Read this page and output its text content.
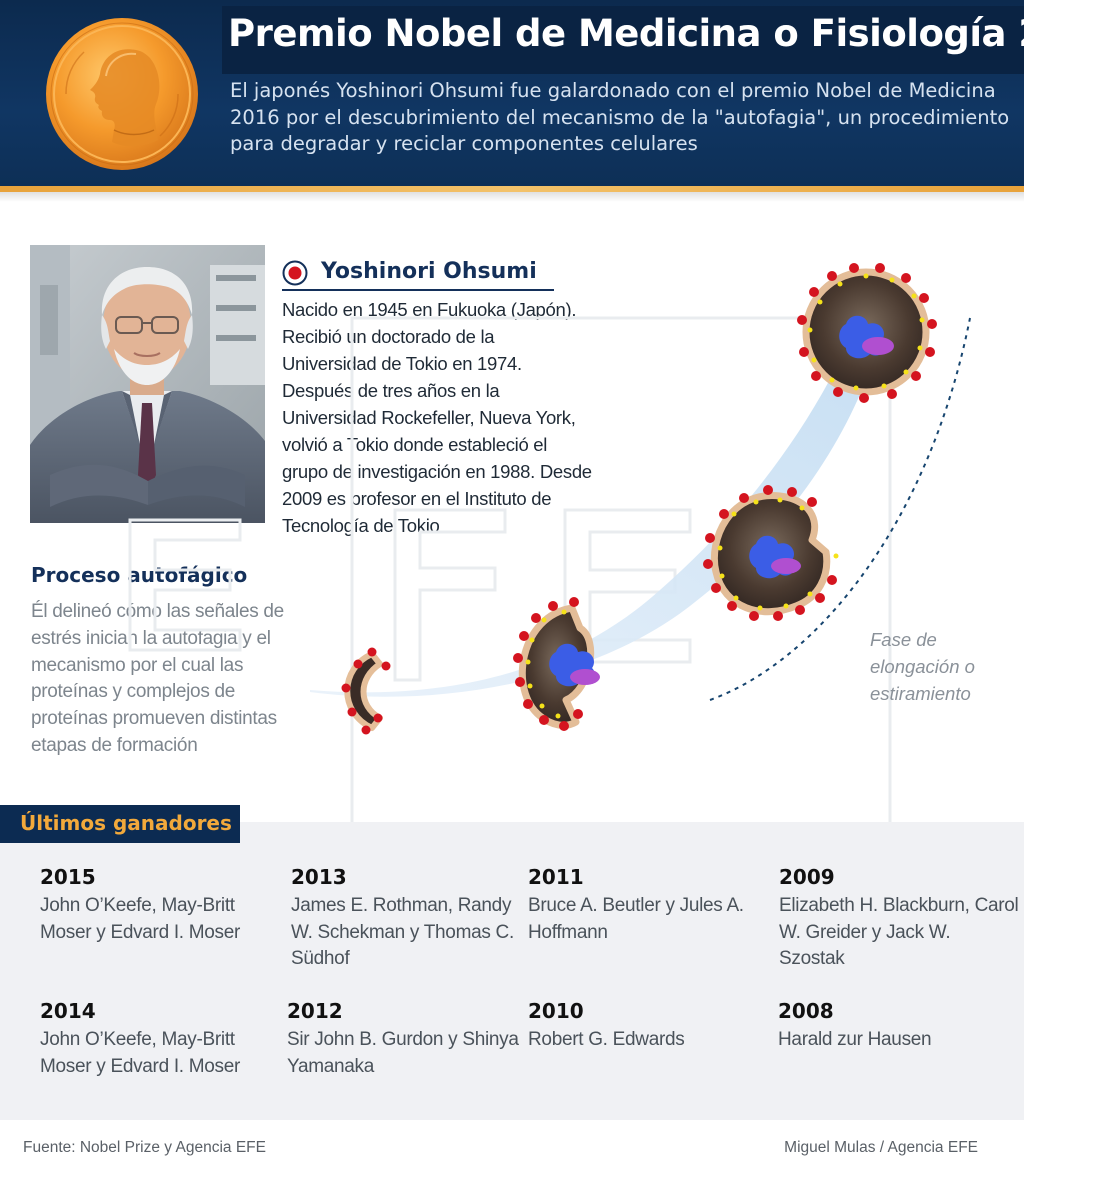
Premio Nobel de Medicina o Fisiología 2016
El japonés Yoshinori Ohsumi fue galardonado con el premio Nobel de Medicina 2016 por el descubrimiento del mecanismo de la "autofagia", un procedimiento para degradar y reciclar componentes celulares
Yoshinori Ohsumi
Nacido en 1945 en Fukuoka (Japón). Recibió un doctorado de la Universidad de Tokio en 1974. Después de tres años en la Universidad Rockefeller, Nueva York, volvió a Tokio donde estableció el grupo de investigación en 1988. Desde 2009 es profesor en el Instituto de Tecnología de Tokio
Proceso autofágico
Él delineó cómo las señales de estrés inician la autofagia y el mecanismo por el cual las proteínas y complejos de proteínas promueven distintas etapas de formación
Fase de elongación o estiramiento
Últimos ganadores
2015
John O’Keefe, May-Britt Moser y Edvard I. Moser
2013
James E. Rothman, Randy W. Schekman y Thomas C. Südhof
2011
Bruce A. Beutler y Jules A. Hoffmann
2009
Elizabeth H. Blackburn, Carol W. Greider y Jack W. Szostak
2014
John O’Keefe, May-Britt Moser y Edvard I. Moser
2012
Sir John B. Gurdon y Shinya Yamanaka
2010
Robert G. Edwards
2008
Harald zur Hausen
Fuente: Nobel Prize y Agencia EFE	Miguel Mulas / Agencia EFE
